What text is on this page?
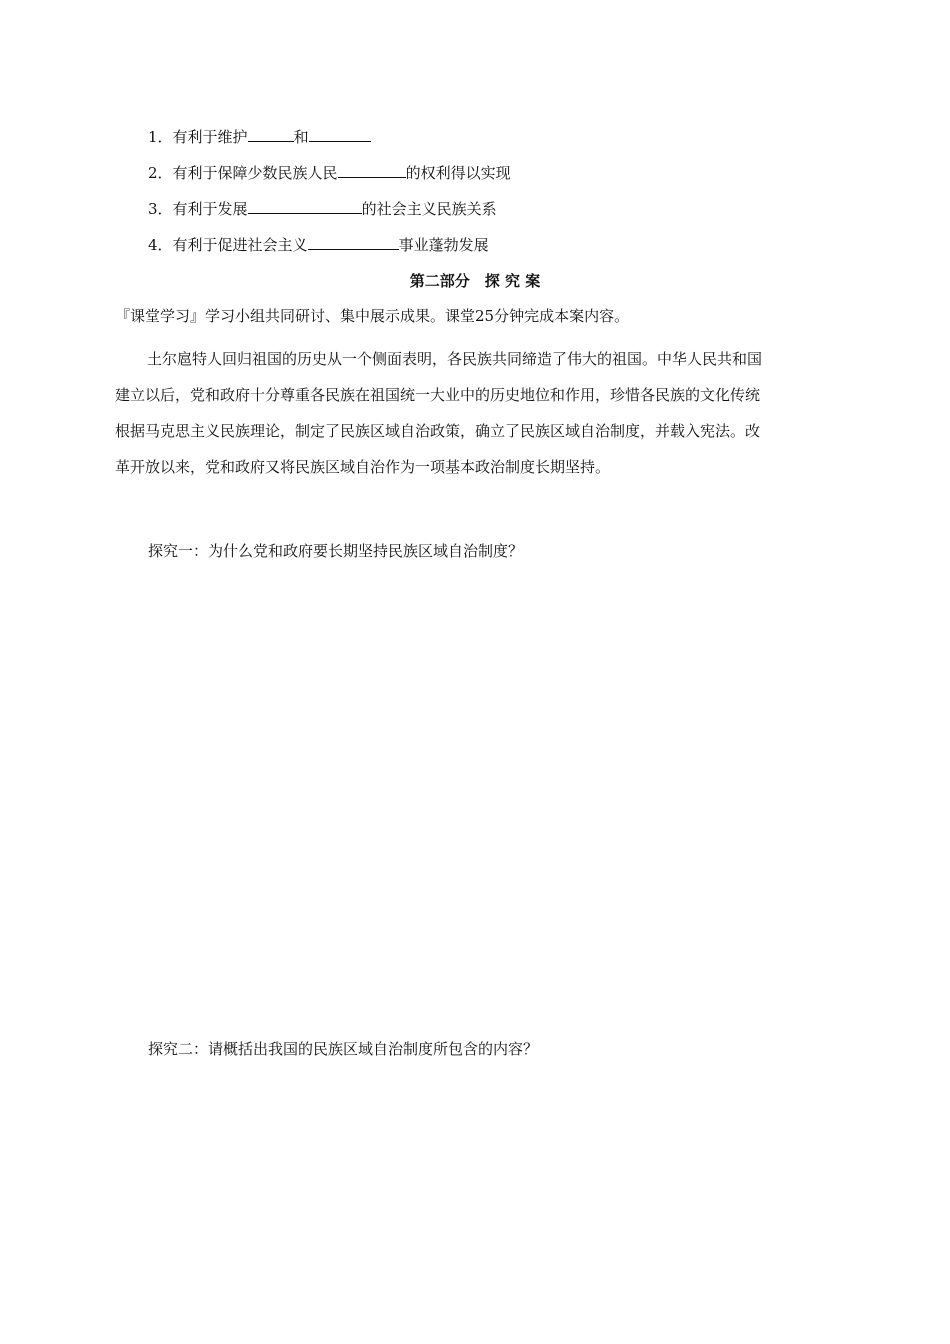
1．有利于维护	和
2．有利于保障少数民族人民	的权利得以实现
3．有利于发展	的社会主义民族关系
4．有利于促进社会主义	事业蓬勃发展
第二部分　探 究 案
『课堂学习』学习小组共同研讨、集中展示成果。课堂25分钟完成本案内容。
土尔扈特人回归祖国的历史从一个侧面表明，各民族共同缔造了伟大的祖国。中华人民共和国
建立以后，党和政府十分尊重各民族在祖国统一大业中的历史地位和作用，珍惜各民族的文化传统
根据马克思主义民族理论，制定了民族区域自治政策，确立了民族区域自治制度，并载入宪法。改
革开放以来，党和政府又将民族区域自治作为一项基本政治制度长期坚持。
探究一：为什么党和政府要长期坚持民族区域自治制度？
探究二：请概括出我国的民族区域自治制度所包含的内容？
